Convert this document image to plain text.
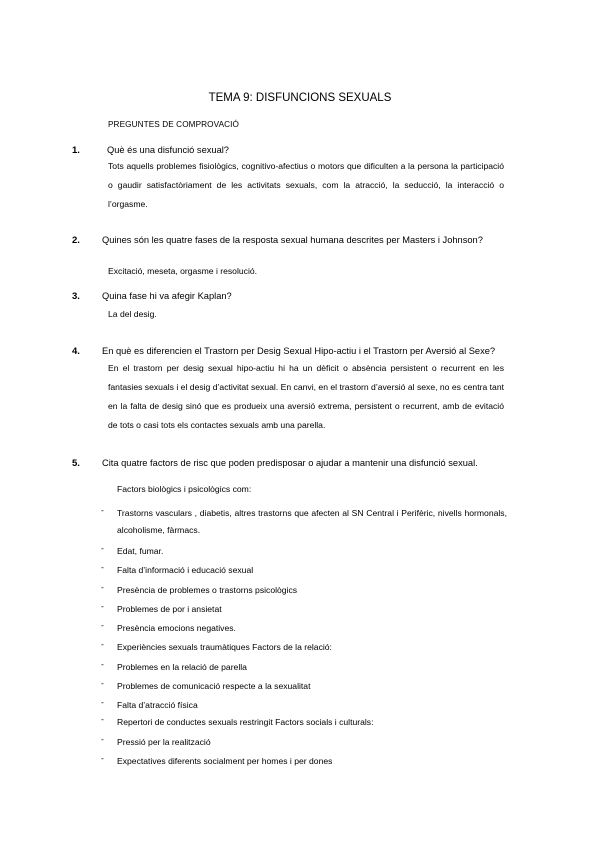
TEMA 9: DISFUNCIONS SEXUALS
PREGUNTES DE COMPROVACIÓ
1.	Què és una disfunció sexual?
Tots aquells problemes fisiològics, cognitivo-afectius o motors que dificulten a la persona la participació o gaudir satisfactòriament de les activitats sexuals, com la atracció, la seducció, la interacció o l’orgasme.
2. Quines són les quatre fases de la resposta sexual humana descrites per Masters i Johnson?
Excitació, meseta, orgasme i resolució.
3. Quina fase hi va afegir Kaplan?
La del desig.
4. En què es diferencien el Trastorn per Desig Sexual Hipo-actiu i el Trastorn per Aversió al Sexe?
En el trastorn per desig sexual hipo-actiu hi ha un dèficit o absència persistent o recurrent en les fantasies sexuals i el desig d’activitat sexual. En canvi, en el trastorn d’aversió al sexe, no es centra tant en la falta de desig sinó que es produeix una aversió extrema, persistent o recurrent, amb de evitació de tots o casi tots els contactes sexuals amb una parella.
5. Cita quatre factors de risc que poden predisposar o ajudar a mantenir una disfunció sexual.
Factors biològics i psicològics com:
- Trastorns vasculars , diabetis, altres trastorns que afecten al SN Central i Perifèric, nivells hormonals, alcoholisme, fàrmacs.
- Edat, fumar.
- Falta d’informació i educació sexual
- Presència de problemes o trastorns psicològics
- Problemes de por i ansietat
- Presència emocions negatives.
- Experiències sexuals traumàtiques Factors de la relació:
- Problemes en la relació de parella
- Problemes de comunicació respecte a la sexualitat
- Falta d’atracció física
- Repertori de conductes sexuals restringit Factors socials i culturals:
- Pressió per la realització
- Expectatives diferents socialment per homes i per dones
